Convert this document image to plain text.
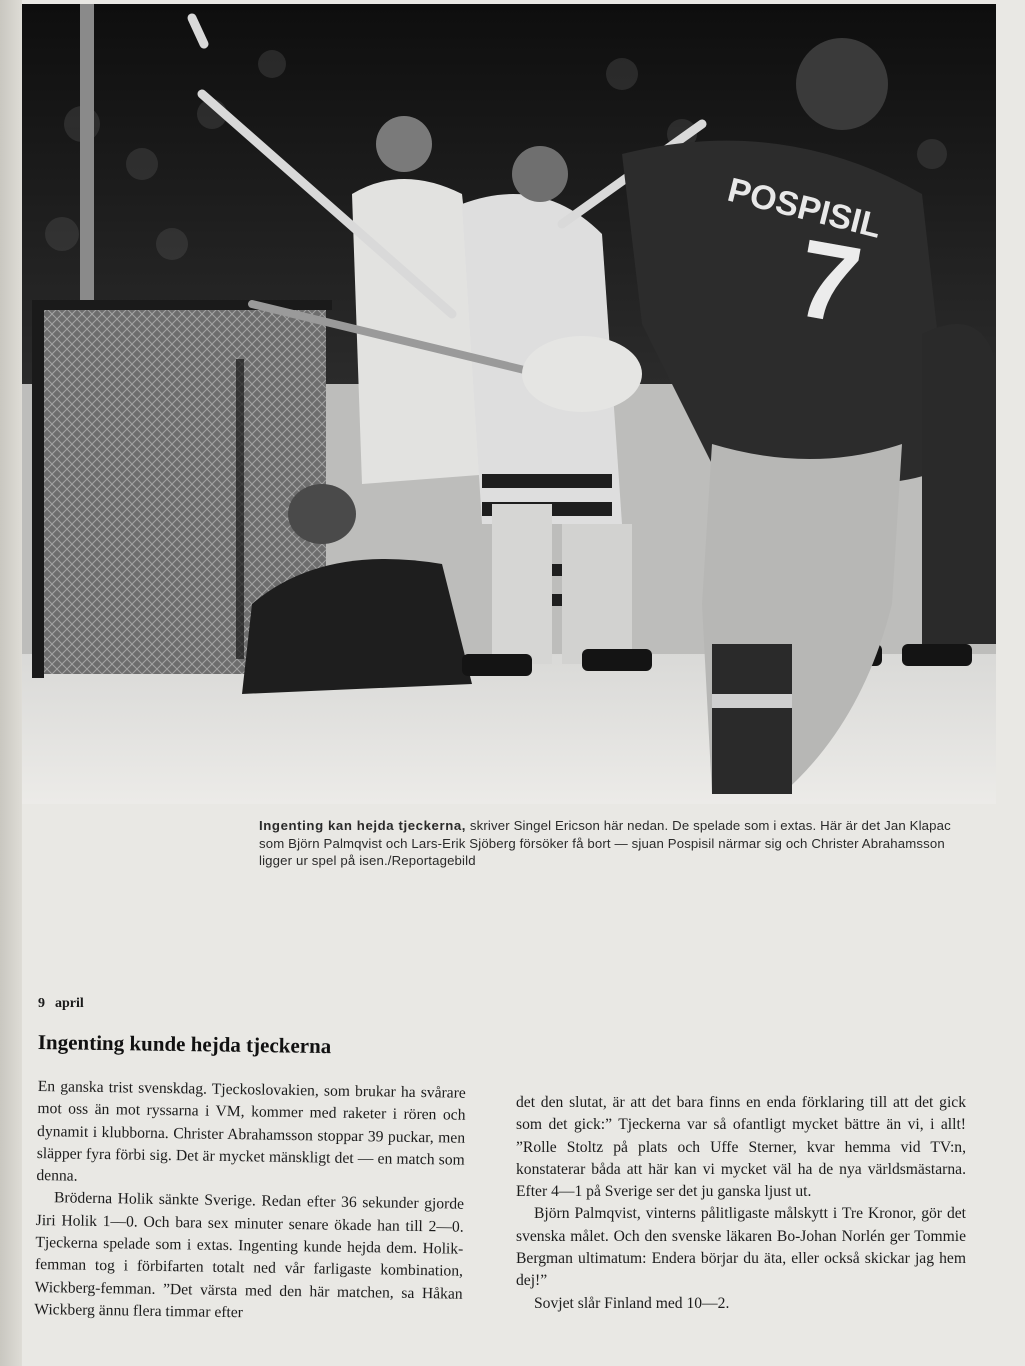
POSPISIL
7
Ingenting kan hejda tjeckerna, skriver Singel Ericson här nedan. De spelade som i extas. Här är det Jan Klapac som Björn Palmqvist och Lars-Erik Sjöberg försöker få bort — sjuan Pospisil närmar sig och Christer Abrahamsson ligger ur spel på isen./Reportagebild
9 april
Ingenting kunde hejda tjeckerna

En ganska trist svenskdag. Tjeckoslovakien, som brukar ha svårare mot oss än mot ryssarna i VM, kommer med raketer i rören och dynamit i klubborna. Christer Abrahamsson stoppar 39 puckar, men släpper fyra förbi sig. Det är mycket mänskligt det — en match som denna.

Bröderna Holik sänkte Sverige. Redan efter 36 sekunder gjorde Jiri Holik 1—0. Och bara sex minuter senare ökade han till 2—0. Tjeckerna spelade som i extas. Ingenting kunde hejda dem. Holik-femman tog i förbifarten totalt ned vår farligaste kombination, Wickberg-femman. ”Det värsta med den här matchen, sa Håkan Wickberg ännu flera timmar efter

det den slutat, är att det bara finns en enda förklaring till att det gick som det gick:” Tjeckerna var så ofantligt mycket bättre än vi, i allt! ”Rolle Stoltz på plats och Uffe Sterner, kvar hemma vid TV:n, konstaterar båda att här kan vi mycket väl ha de nya världsmästarna. Efter 4—1 på Sverige ser det ju ganska ljust ut.

Björn Palmqvist, vinterns pålitligaste målskytt i Tre Kronor, gör det svenska målet. Och den svenske läkaren Bo-Johan Norlén ger Tommie Bergman ultimatum: Endera börjar du äta, eller också skickar jag hem dej!”

Sovjet slår Finland med 10—2.
